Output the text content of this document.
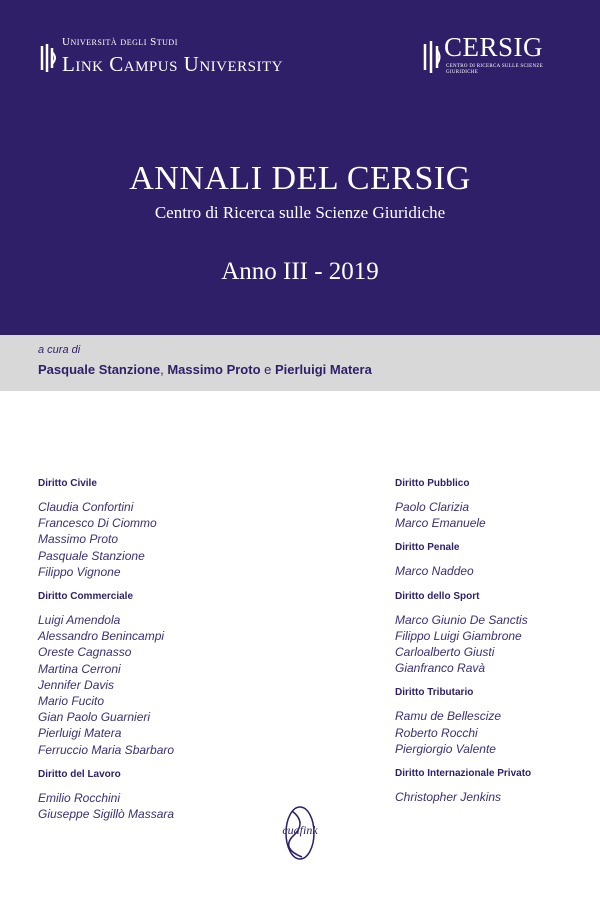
Università degli Studi
Link Campus University
CERSIG
CENTRO DI RICERCA SULLE SCIENZE GIURIDICHE
ANNALI DEL CERSIG
Centro di Ricerca sulle Scienze Giuridiche
Anno III - 2019
a cura di
Pasquale Stanzione, Massimo Proto e Pierluigi Matera
Diritto Civile
Claudia Confortini
Francesco Di Ciommo
Massimo Proto
Pasquale Stanzione
Filippo Vignone
Diritto Commerciale
Luigi Amendola
Alessandro Benincampi
Oreste Cagnasso
Martina Cerroni
Jennifer Davis
Mario Fucito
Gian Paolo Guarnieri
Pierluigi Matera
Ferruccio Maria Sbarbaro
Diritto del Lavoro
Emilio Rocchini
Giuseppe Sigillò Massara
Diritto Pubblico
Paolo Clarizia
Marco Emanuele
Diritto Penale
Marco Naddeo
Diritto dello Sport
Marco Giunio De Sanctis
Filippo Luigi Giambrone
Carloalberto Giusti
Gianfranco Ravà
Diritto Tributario
Ramu de Bellescize
Roberto Rocchi
Piergiorgio Valente
Diritto Internazionale Privato
Christopher Jenkins
cuafink
